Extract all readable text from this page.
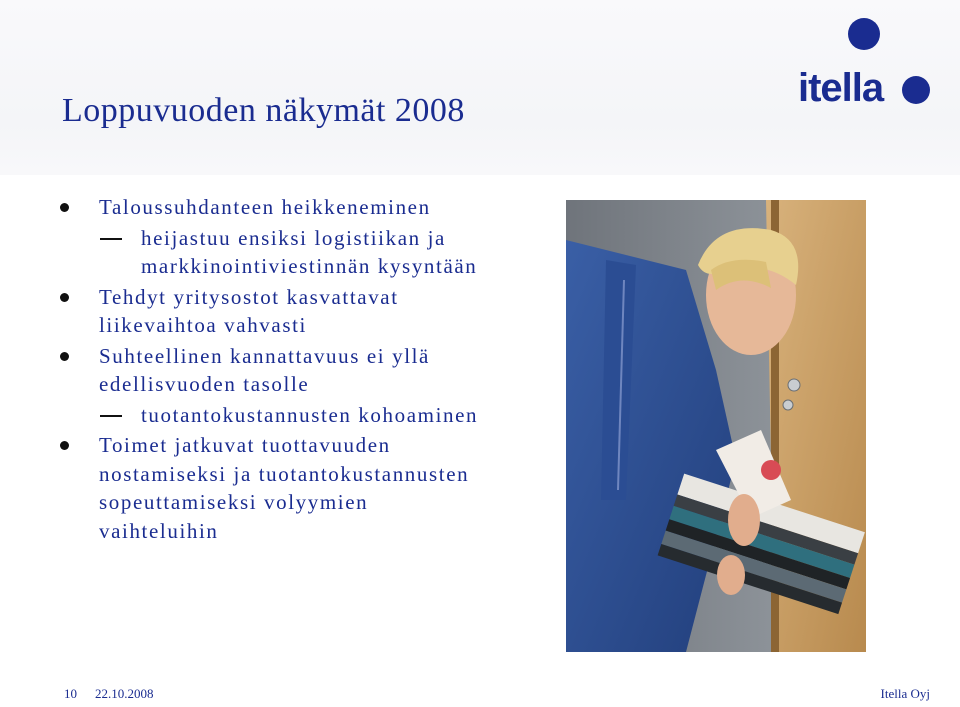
itella
Loppuvuoden näkymät 2008
Taloussuhdanteen heikkeneminen
heijastuu ensiksi logistiikan ja markkinointiviestinnän kysyntään
Tehdyt yritysostot kasvattavat liikevaihtoa vahvasti
Suhteellinen kannattavuus ei yllä edellisvuoden tasolle
tuotantokustannusten kohoaminen
Toimet jatkuvat tuottavuuden nostamiseksi ja tuotantokustannusten sopeuttamiseksi volyymien vaihteluihin
10 22.10.2008	Itella Oyj
